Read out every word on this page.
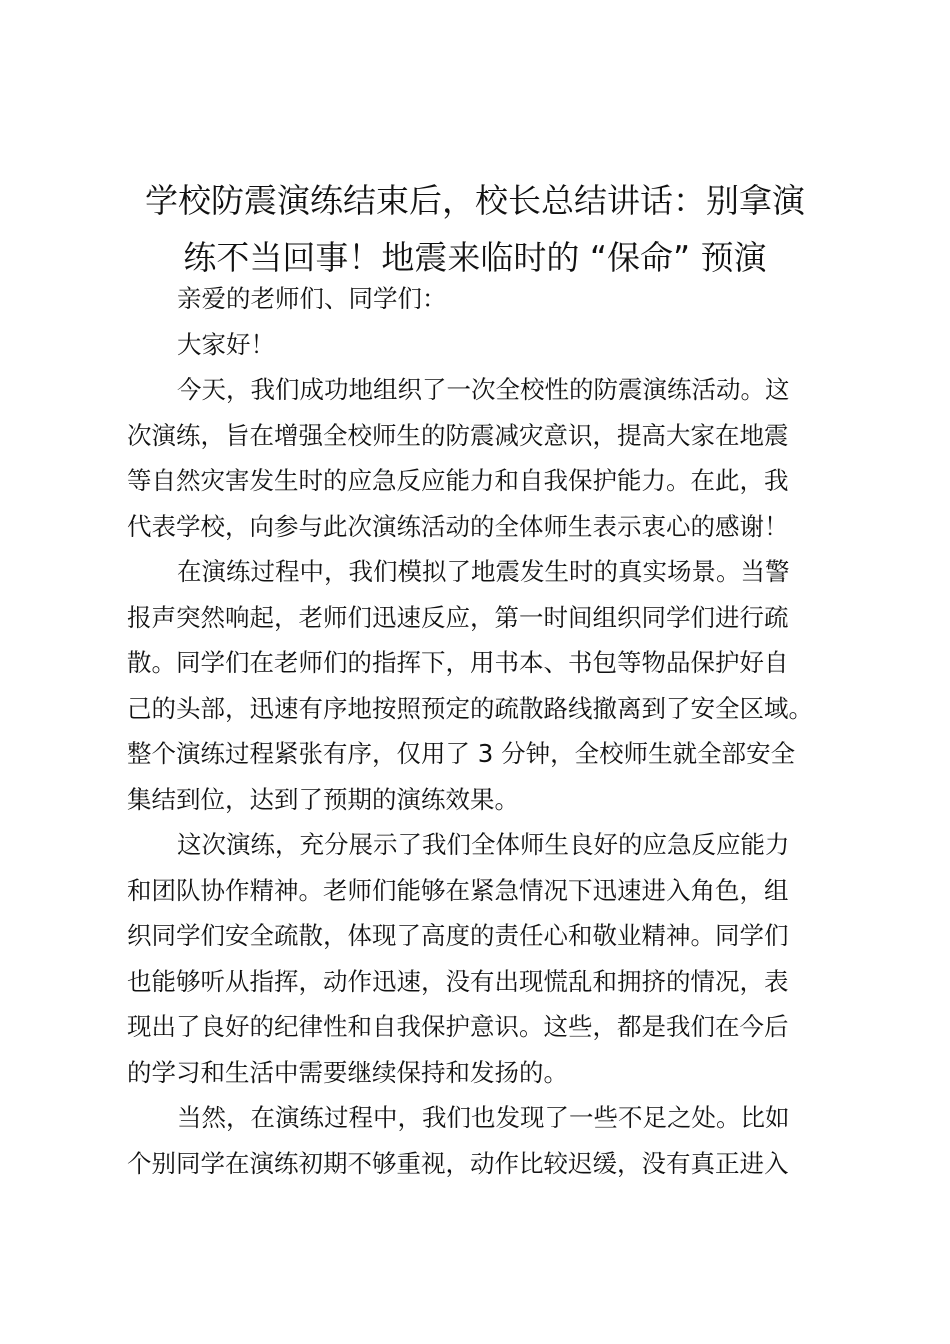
学校防震演练结束后，校长总结讲话：别拿演
练不当回事！地震来临时的 “保命” 预演
亲爱的老师们、同学们：
大家好！
今天，我们成功地组织了一次全校性的防震演练活动。这
次演练，旨在增强全校师生的防震减灾意识，提高大家在地震
等自然灾害发生时的应急反应能力和自我保护能力。在此，我
代表学校，向参与此次演练活动的全体师生表示衷心的感谢！
在演练过程中，我们模拟了地震发生时的真实场景。当警
报声突然响起，老师们迅速反应，第一时间组织同学们进行疏
散。同学们在老师们的指挥下，用书本、书包等物品保护好自
己的头部，迅速有序地按照预定的疏散路线撤离到了安全区域。
整个演练过程紧张有序，仅用了 3 分钟，全校师生就全部安全
集结到位，达到了预期的演练效果。
这次演练，充分展示了我们全体师生良好的应急反应能力
和团队协作精神。老师们能够在紧急情况下迅速进入角色，组
织同学们安全疏散，体现了高度的责任心和敬业精神。同学们
也能够听从指挥，动作迅速，没有出现慌乱和拥挤的情况，表
现出了良好的纪律性和自我保护意识。这些，都是我们在今后
的学习和生活中需要继续保持和发扬的。
当然，在演练过程中，我们也发现了一些不足之处。比如
个别同学在演练初期不够重视，动作比较迟缓，没有真正进入
